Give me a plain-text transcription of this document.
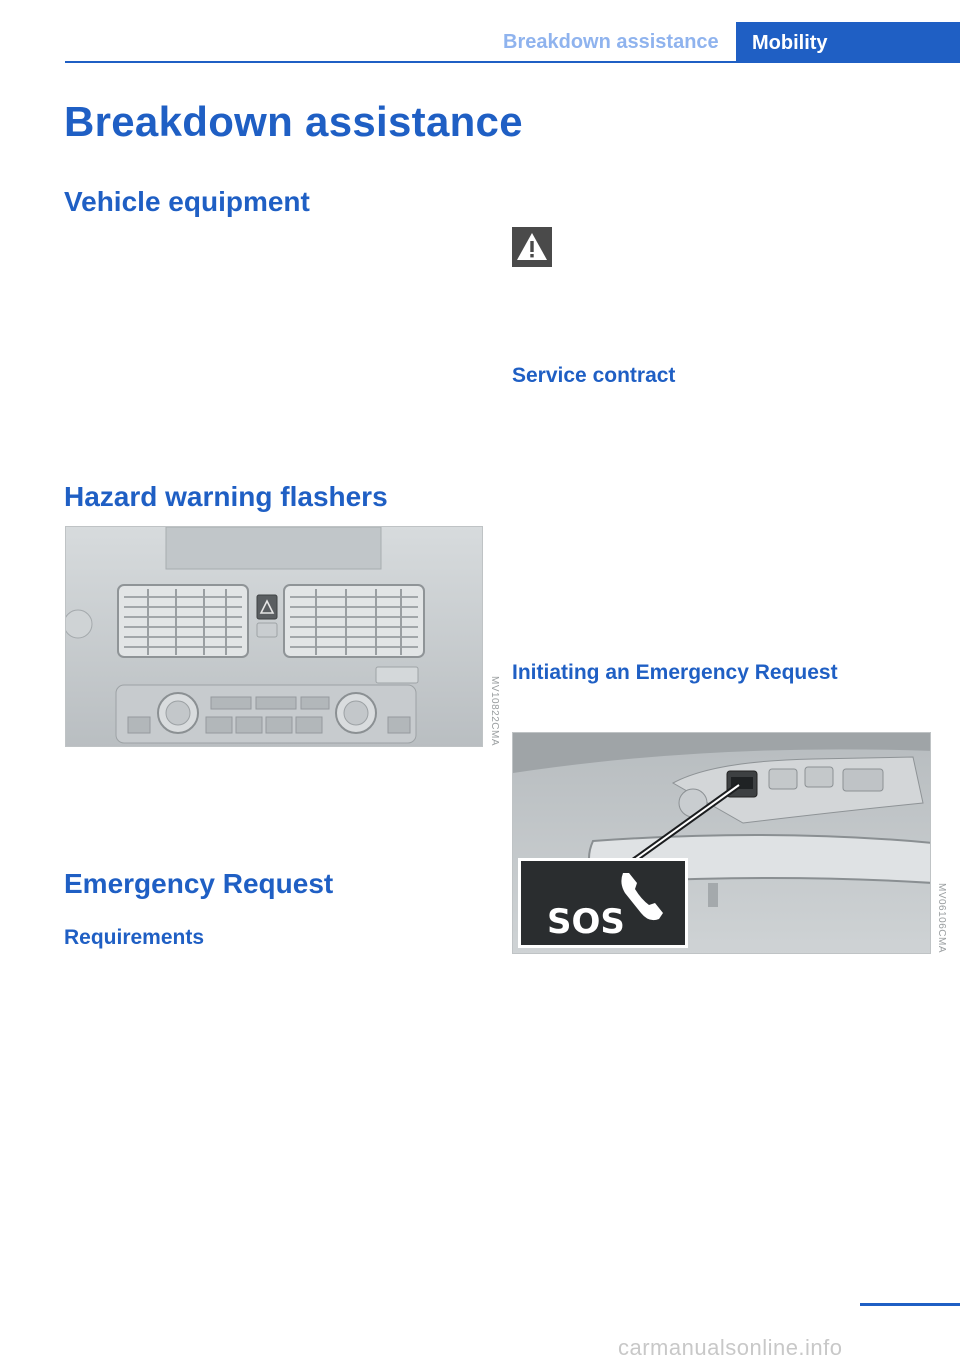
Breakdown assistance	Mobility
Breakdown assistance
Vehicle equipment
Hazard warning flashers
MV10822CMA
Emergency Request
Requirements
Service contract
Initiating an Emergency Request
SOS	MV06106CMA
carmanualsonline.info
